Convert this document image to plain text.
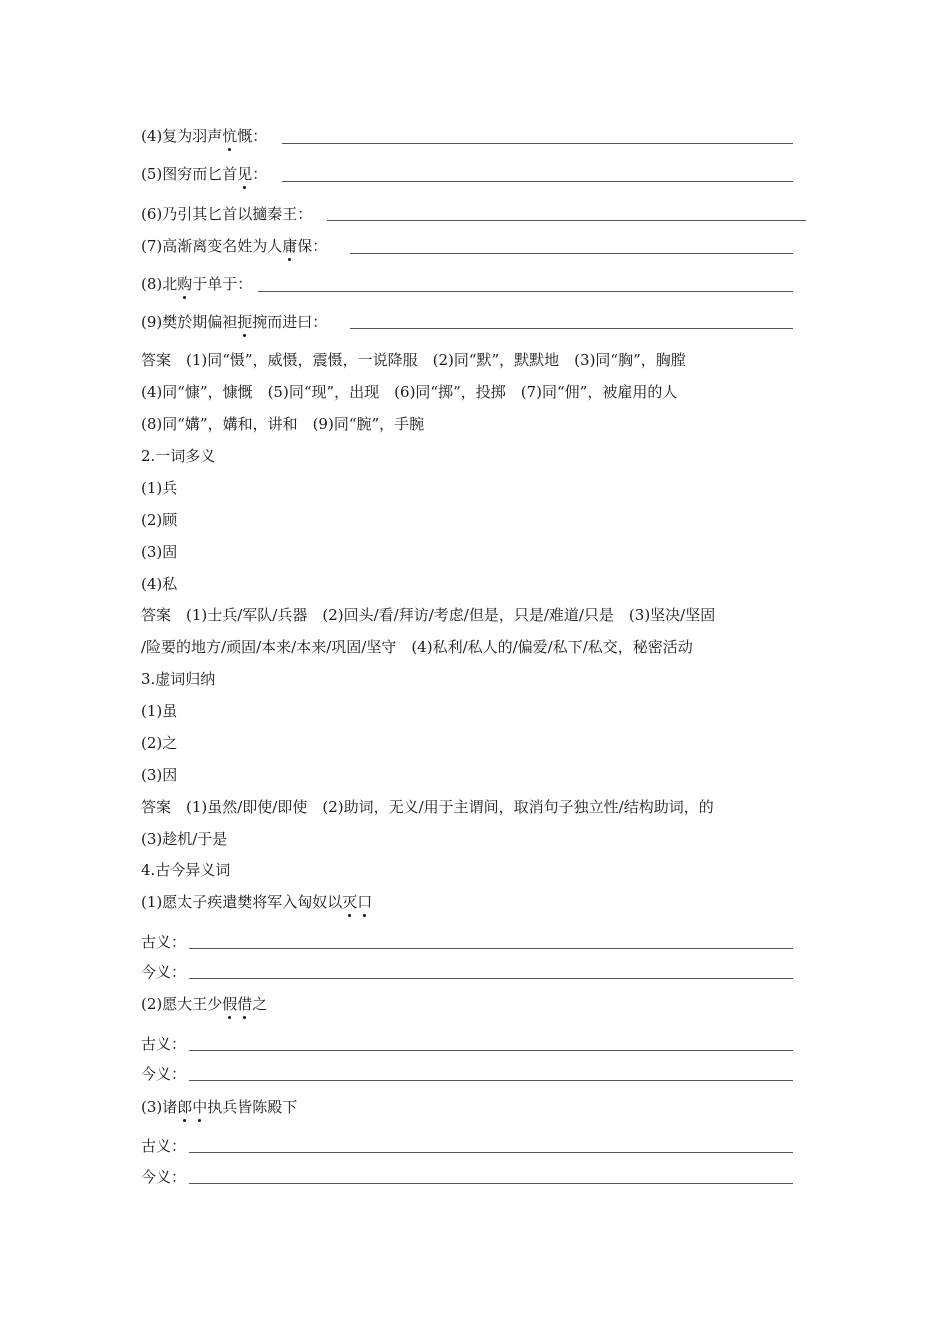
(4)复为羽声忼慨：
(5)图穷而匕首见：
(6)乃引其匕首以擿秦王：
(7)高渐离变名姓为人庸保：
(8)北购于单于：
(9)樊於期偏袒扼捥而进曰：
答案　(1)同“慑”，威慑，震慑，一说降服　(2)同“默”，默默地　(3)同“胸”，胸膛
(4)同“慷”，慷慨　(5)同“现”，出现　(6)同“掷”，投掷　(7)同“佣”，被雇用的人
(8)同“媾”，媾和，讲和　(9)同“腕”，手腕
2.一词多义
(1)兵
(2)顾
(3)固
(4)私
答案　(1)士兵/军队/兵器　(2)回头/看/拜访/考虑/但是，只是/难道/只是　(3)坚决/坚固
/险要的地方/顽固/本来/本来/巩固/坚守　(4)私利/私人的/偏爱/私下/私交，秘密活动
3.虚词归纳
(1)虽
(2)之
(3)因
答案　(1)虽然/即使/即使　(2)助词，无义/用于主谓间，取消句子独立性/结构助词，的
(3)趁机/于是
4.古今异义词
(1)愿太子疾遣樊将军入匈奴以灭口
古义：
今义：
(2)愿大王少假借之
古义：
今义：
(3)诸郎中执兵皆陈殿下
古义：
今义：
